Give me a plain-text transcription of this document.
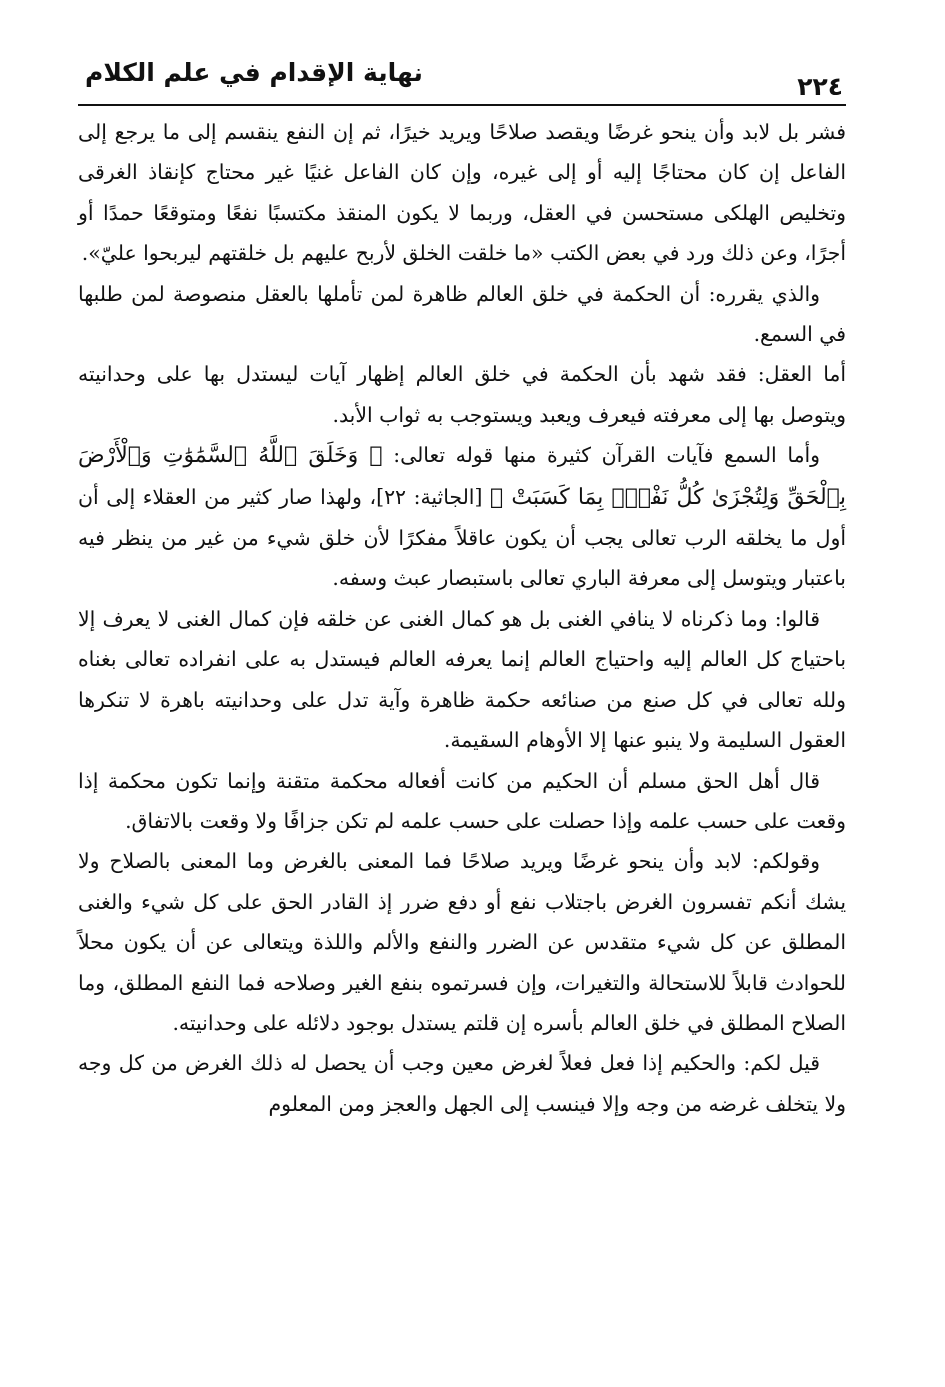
نهاية الإقدام في علم الكلام	٢٢٤

فشر بل لابد وأن ينحو غرضًا ويقصد صلاحًا ويريد خيرًا، ثم إن النفع ينقسم إلى ما يرجع إلى الفاعل إن كان محتاجًا إليه أو إلى غيره، وإن كان الفاعل غنيًا غير محتاج كإنقاذ الغرقى وتخليص الهلكى مستحسن في العقل، وربما لا يكون المنقذ مكتسبًا نفعًا ومتوقعًا حمدًا أو أجرًا، وعن ذلك ورد في بعض الكتب «ما خلقت الخلق لأربح عليهم بل خلقتهم ليربحوا عليّ».

والذي يقرره: أن الحكمة في خلق العالم ظاهرة لمن تأملها بالعقل منصوصة لمن طلبها في السمع.

أما العقل: فقد شهد بأن الحكمة في خلق العالم إظهار آيات ليستدل بها على وحدانيته ويتوصل بها إلى معرفته فيعرف ويعبد ويستوجب به ثواب الأبد.

وأما السمع فآيات القرآن كثيرة منها قوله تعالى: ﴿ وَخَلَقَ ٱللَّهُ ٱلسَّمَٰوَٰتِ وَٱلْأَرْضَ بِٱلْحَقِّ وَلِتُجْزَىٰ كُلُّ نَفْسٍۭ بِمَا كَسَبَتْ ﴾ [الجاثية: ٢٢]، ولهذا صار كثير من العقلاء إلى أن أول ما يخلقه الرب تعالى يجب أن يكون عاقلاً مفكرًا لأن خلق شيء من غير من ينظر فيه باعتبار ويتوسل إلى معرفة الباري تعالى باستبصار عبث وسفه.

قالوا: وما ذكرناه لا ينافي الغنى بل هو كمال الغنى عن خلقه فإن كمال الغنى لا يعرف إلا باحتياج كل العالم إليه واحتياج العالم إنما يعرفه العالم فيستدل به على انفراده تعالى بغناه ولله تعالى في كل صنع من صنائعه حكمة ظاهرة وآية تدل على وحدانيته باهرة لا تنكرها العقول السليمة ولا ينبو عنها إلا الأوهام السقيمة.

قال أهل الحق مسلم أن الحكيم من كانت أفعاله محكمة متقنة وإنما تكون محكمة إذا وقعت على حسب علمه وإذا حصلت على حسب علمه لم تكن جزافًا ولا وقعت بالاتفاق.

وقولكم: لابد وأن ينحو غرضًا ويريد صلاحًا فما المعنى بالغرض وما المعنى بالصلاح ولا يشك أنكم تفسرون الغرض باجتلاب نفع أو دفع ضرر إذ القادر الحق على كل شيء والغنى المطلق عن كل شيء متقدس عن الضرر والنفع والألم واللذة ويتعالى عن أن يكون محلاً للحوادث قابلاً للاستحالة والتغيرات، وإن فسرتموه بنفع الغير وصلاحه فما النفع المطلق، وما الصلاح المطلق في خلق العالم بأسره إن قلتم يستدل بوجود دلائله على وحدانيته.

قيل لكم: والحكيم إذا فعل فعلاً لغرض معين وجب أن يحصل له ذلك الغرض من كل وجه ولا يتخلف غرضه من وجه وإلا فينسب إلى الجهل والعجز ومن المعلوم
